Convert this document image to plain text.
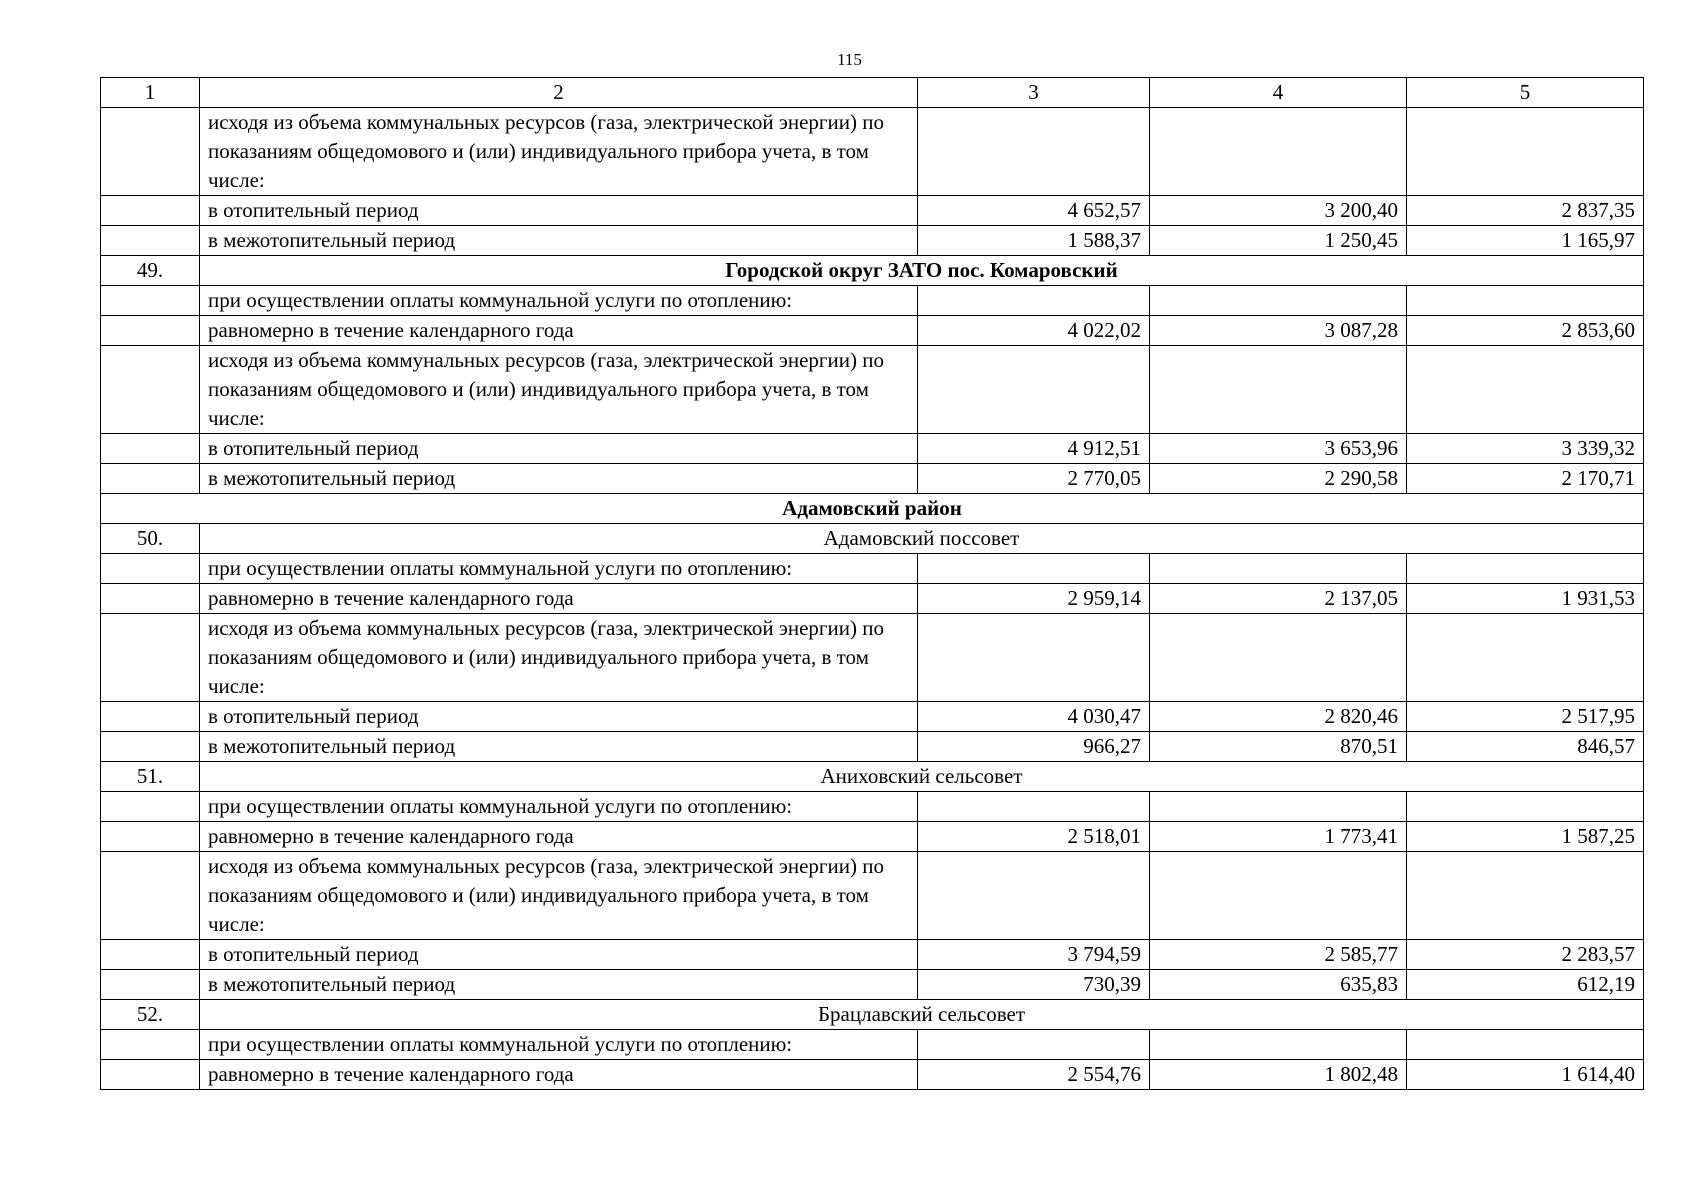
115
1	2	3	4	5
	исходя из объема коммунальных ресурсов (газа, электрической энергии) по показаниям общедомового и (или) индивидуального прибора учета, в том числе:			
	в отопительный период	4 652,57	3 200,40	2 837,35
	в межотопительный период	1 588,37	1 250,45	1 165,97
49.	Городской округ ЗАТО пос. Комаровский			
	при осуществлении оплаты коммунальной услуги по отоплению:			
	равномерно в течение календарного года	4 022,02	3 087,28	2 853,60
	исходя из объема коммунальных ресурсов (газа, электрической энергии) по показаниям общедомового и (или) индивидуального прибора учета, в том числе:			
	в отопительный период	4 912,51	3 653,96	3 339,32
	в межотопительный период	2 770,05	2 290,58	2 170,71
Адамовский район				
50.	Адамовский поссовет			
	при осуществлении оплаты коммунальной услуги по отоплению:			
	равномерно в течение календарного года	2 959,14	2 137,05	1 931,53
	исходя из объема коммунальных ресурсов (газа, электрической энергии) по показаниям общедомового и (или) индивидуального прибора учета, в том числе:			
	в отопительный период	4 030,47	2 820,46	2 517,95
	в межотопительный период	966,27	870,51	846,57
51.	Аниховский сельсовет			
	при осуществлении оплаты коммунальной услуги по отоплению:			
	равномерно в течение календарного года	2 518,01	1 773,41	1 587,25
	исходя из объема коммунальных ресурсов (газа, электрической энергии) по показаниям общедомового и (или) индивидуального прибора учета, в том числе:			
	в отопительный период	3 794,59	2 585,77	2 283,57
	в межотопительный период	730,39	635,83	612,19
52.	Брацлавский сельсовет			
	при осуществлении оплаты коммунальной услуги по отоплению:			
	равномерно в течение календарного года	2 554,76	1 802,48	1 614,40
